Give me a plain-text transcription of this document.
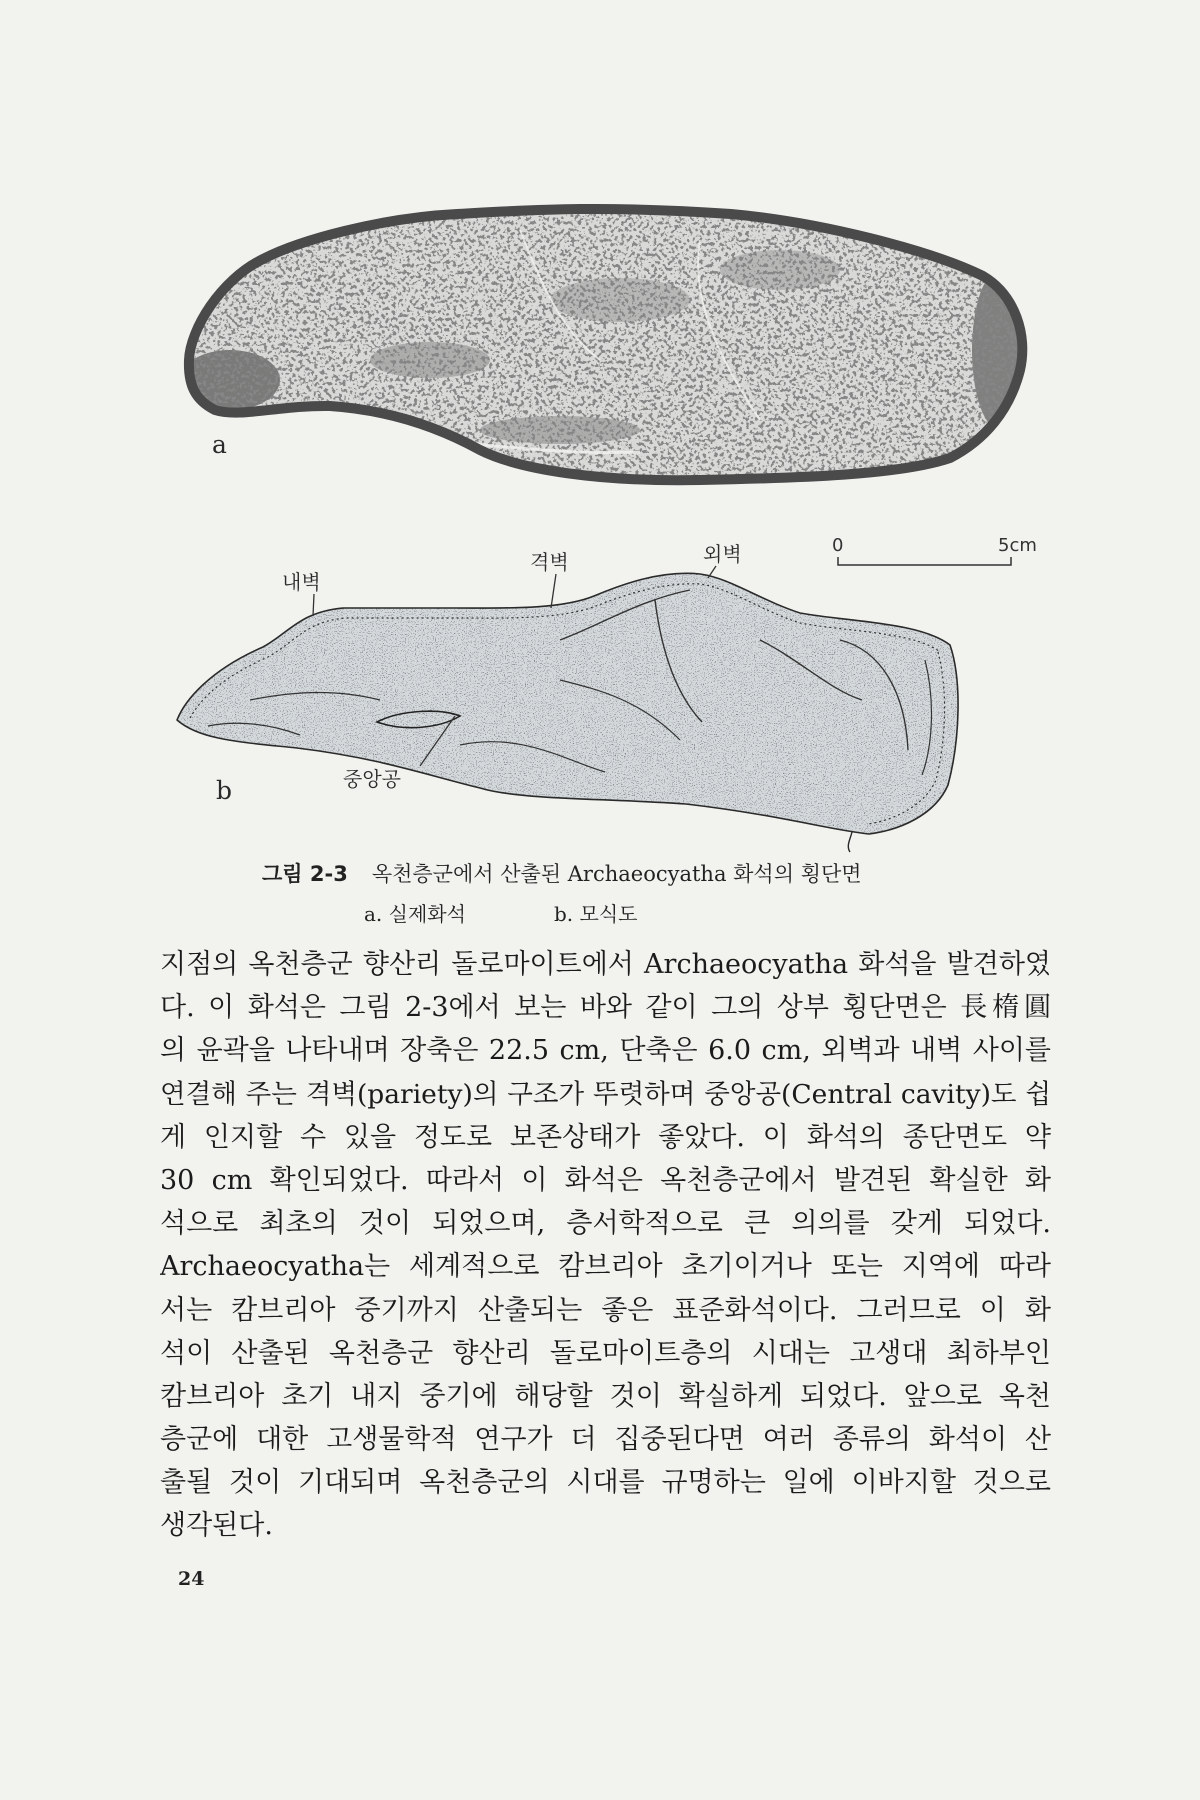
a
b
내벽
격벽	외벽
중앙공
0	5cm
그림 2-3 옥천층군에서 산출된 Archaeocyatha 화석의 횡단면
a. 실제화석	b. 모식도
지점의 옥천층군 향산리 돌로마이트에서 Archaeocyatha 화석을 발견하였
다. 이 화석은 그림 2-3에서 보는 바와 같이 그의 상부 횡단면은 長楕圓
의 윤곽을 나타내며 장축은 22.5 cm, 단축은 6.0 cm, 외벽과 내벽 사이를
연결해 주는 격벽(pariety)의 구조가 뚜렷하며 중앙공(Central cavity)도 쉽
게 인지할 수 있을 정도로 보존상태가 좋았다. 이 화석의 종단면도 약
30 cm 확인되었다. 따라서 이 화석은 옥천층군에서 발견된 확실한 화
석으로 최초의 것이 되었으며, 층서학적으로 큰 의의를 갖게 되었다.
Archaeocyatha는 세계적으로 캄브리아 초기이거나 또는 지역에 따라
서는 캄브리아 중기까지 산출되는 좋은 표준화석이다. 그러므로 이 화
석이 산출된 옥천층군 향산리 돌로마이트층의 시대는 고생대 최하부인
캄브리아 초기 내지 중기에 해당할 것이 확실하게 되었다. 앞으로 옥천
층군에 대한 고생물학적 연구가 더 집중된다면 여러 종류의 화석이 산
출될 것이 기대되며 옥천층군의 시대를 규명하는 일에 이바지할 것으로
생각된다.
24
